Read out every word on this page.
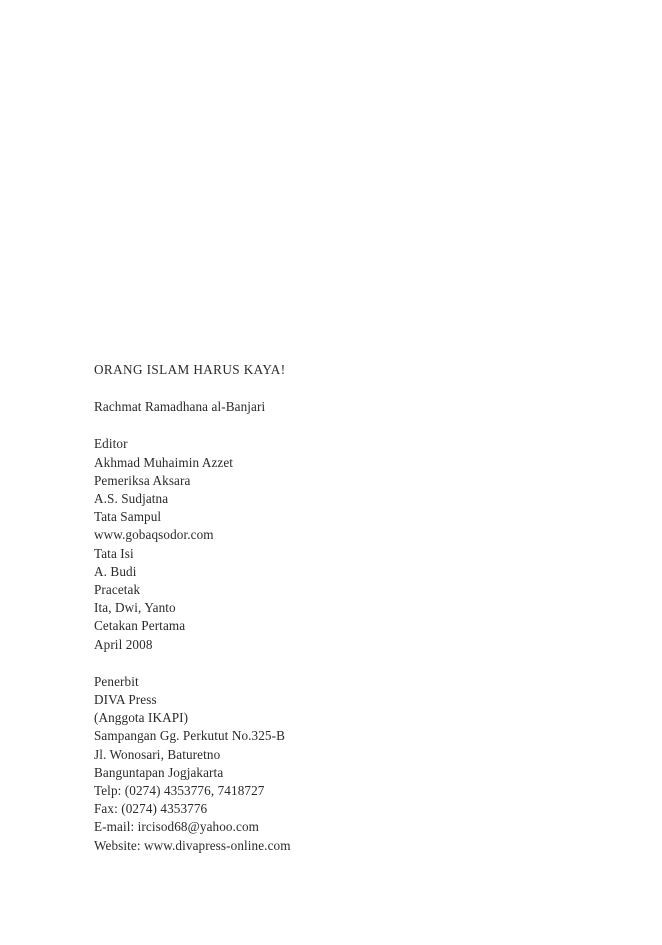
ORANG ISLAM HARUS KAYA!
Rachmat Ramadhana al-Banjari
Editor
Akhmad Muhaimin Azzet
Pemeriksa Aksara
A.S. Sudjatna
Tata Sampul
www.gobaqsodor.com
Tata Isi
A. Budi
Pracetak
Ita, Dwi, Yanto
Cetakan Pertama
April 2008
Penerbit
DIVA Press
(Anggota IKAPI)
Sampangan Gg. Perkutut No.325-B
Jl. Wonosari, Baturetno
Banguntapan Jogjakarta
Telp: (0274) 4353776, 7418727
Fax: (0274) 4353776
E-mail: ircisod68@yahoo.com
Website: www.divapress-online.com
